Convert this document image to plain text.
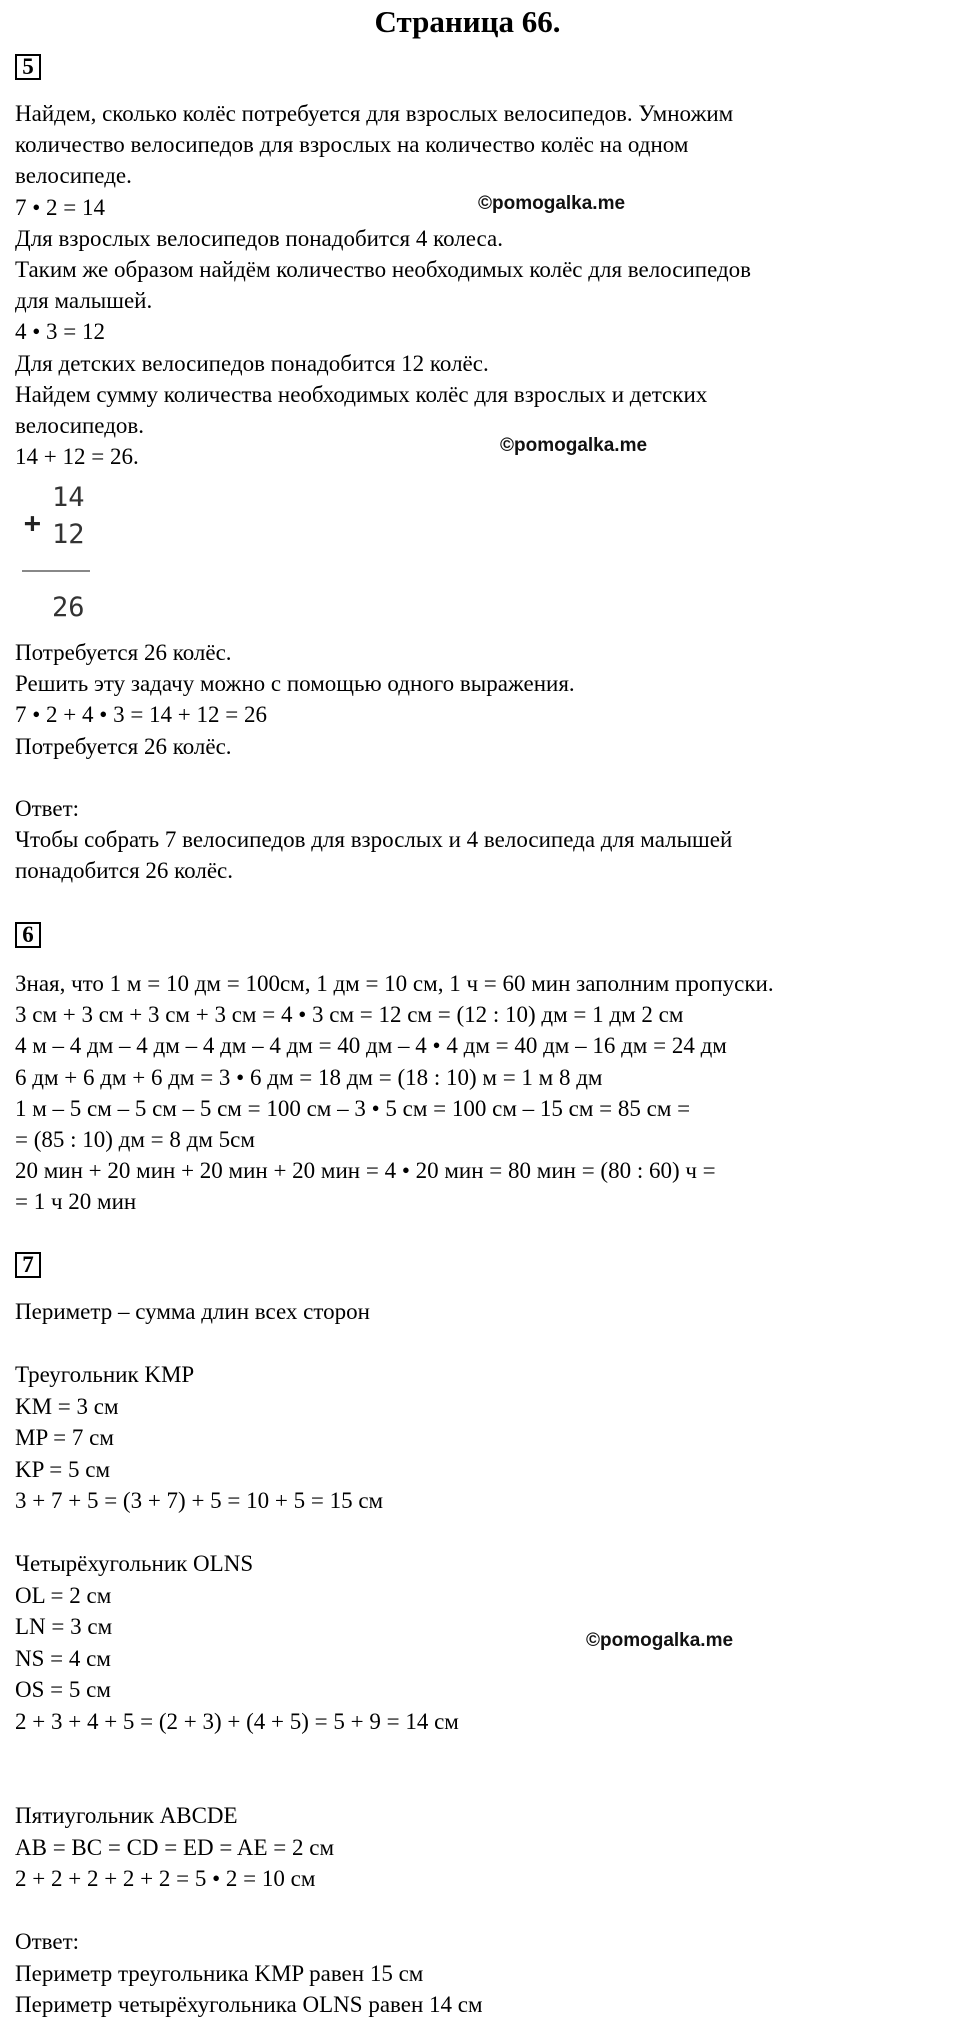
Страница 66.
5
Найдем, сколько колёс потребуется для взрослых велосипедов. Умножим
количество велосипедов для взрослых на количество колёс на одном
велосипеде.
7 • 2 = 14
Для взрослых велосипедов понадобится 4 колеса.
Таким же образом найдём количество необходимых колёс для велосипедов
для малышей.
4 • 3 = 12
Для детских велосипедов понадобится 12 колёс.
Найдем сумму количества необходимых колёс для взрослых и детских
велосипедов.
14 + 12 = 26.
©pomogalka.me
©pomogalka.me
+
14
12
26
Потребуется 26 колёс.
Решить эту задачу можно с помощью одного выражения.
7 • 2 + 4 • 3 = 14 + 12 = 26
Потребуется 26 колёс.
Ответ:
Чтобы собрать 7 велосипедов для взрослых и 4 велосипеда для малышей
понадобится 26 колёс.
6
Зная, что 1 м = 10 дм = 100см, 1 дм = 10 см, 1 ч = 60 мин заполним пропуски.
3 см + 3 см + 3 см + 3 см = 4 • 3 см = 12 см = (12 : 10) дм = 1 дм 2 см
4 м – 4 дм – 4 дм – 4 дм – 4 дм = 40 дм – 4 • 4 дм = 40 дм – 16 дм = 24 дм
6 дм + 6 дм + 6 дм = 3 • 6 дм = 18 дм = (18 : 10) м = 1 м 8 дм
1 м – 5 см – 5 см – 5 см = 100 см – 3 • 5 см = 100 см – 15 см = 85 см =
= (85 : 10) дм = 8 дм 5см
20 мин + 20 мин + 20 мин + 20 мин = 4 • 20 мин = 80 мин = (80 : 60) ч =
= 1 ч 20 мин
7
Периметр – сумма длин всех сторон
Треугольник KMP
KM = 3 см
MP = 7 см
KP = 5 см
3 + 7 + 5 = (3 + 7) + 5 = 10 + 5 = 15 см
Четырёхугольник OLNS
OL = 2 см
LN = 3 см
NS = 4 см
OS = 5 см
2 + 3 + 4 + 5 = (2 + 3) + (4 + 5) = 5 + 9 = 14 см
Пятиугольник ABCDE
AB = BC = CD = ED = AE = 2 см
2 + 2 + 2 + 2 + 2 = 5 • 2 = 10 см
Ответ:
Периметр треугольника KMP равен 15 см
Периметр четырёхугольника OLNS равен 14 см
©pomogalka.me
